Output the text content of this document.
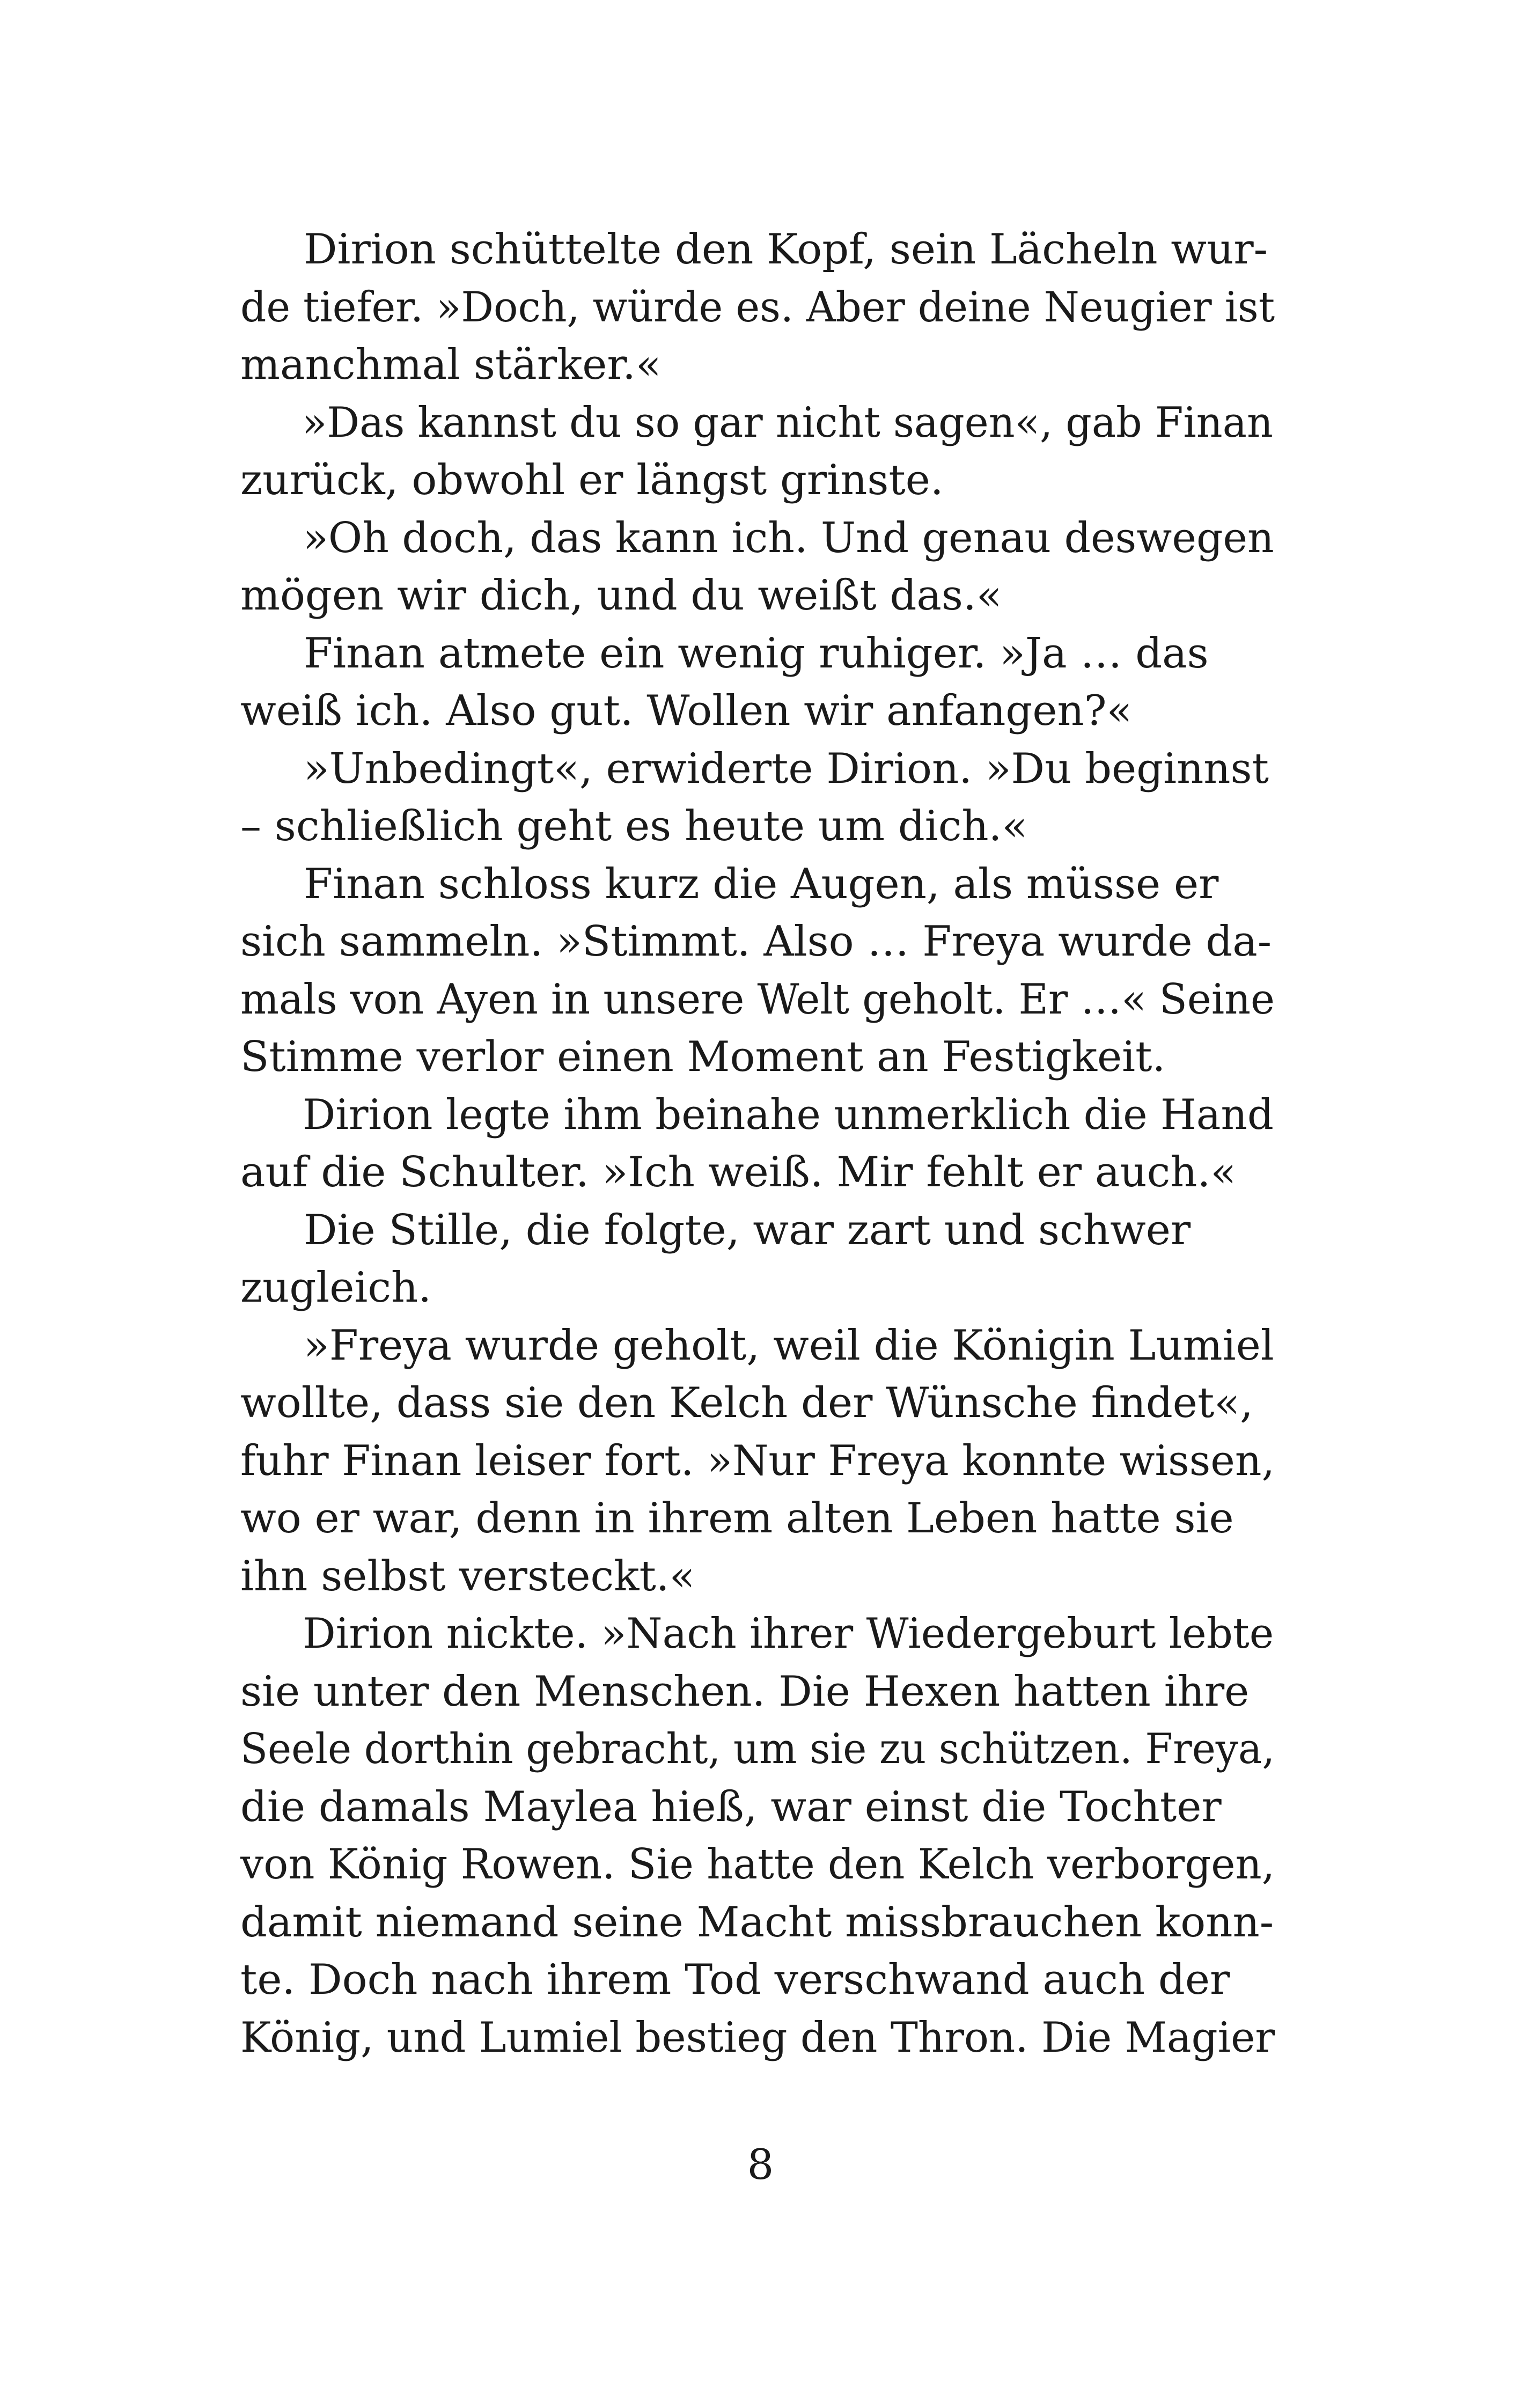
Dirion schüttelte den Kopf, sein Lächeln wur-
de tiefer. »Doch, würde es. Aber deine Neugier ist
manchmal stärker.«
»Das kannst du so gar nicht sagen«, gab Finan
zurück, obwohl er längst grinste.
»Oh doch, das kann ich. Und genau deswegen
mögen wir dich, und du weißt das.«
Finan atmete ein wenig ruhiger. »Ja … das
weiß ich. Also gut. Wollen wir anfangen?«
»Unbedingt«, erwiderte Dirion. »Du beginnst
– schließlich geht es heute um dich.«
Finan schloss kurz die Augen, als müsse er
sich sammeln. »Stimmt. Also … Freya wurde da-
mals von Ayen in unsere Welt geholt. Er …« Seine
Stimme verlor einen Moment an Festigkeit.
Dirion legte ihm beinahe unmerklich die Hand
auf die Schulter. »Ich weiß. Mir fehlt er auch.«
Die Stille, die folgte, war zart und schwer
zugleich.
»Freya wurde geholt, weil die Königin Lumiel
wollte, dass sie den Kelch der Wünsche findet«,
fuhr Finan leiser fort. »Nur Freya konnte wissen,
wo er war, denn in ihrem alten Leben hatte sie
ihn selbst versteckt.«
Dirion nickte. »Nach ihrer Wiedergeburt lebte
sie unter den Menschen. Die Hexen hatten ihre
Seele dorthin gebracht, um sie zu schützen. Freya,
die damals Maylea hieß, war einst die Tochter
von König Rowen. Sie hatte den Kelch verborgen,
damit niemand seine Macht missbrauchen konn-
te. Doch nach ihrem Tod verschwand auch der
König, und Lumiel bestieg den Thron. Die Magier
8
